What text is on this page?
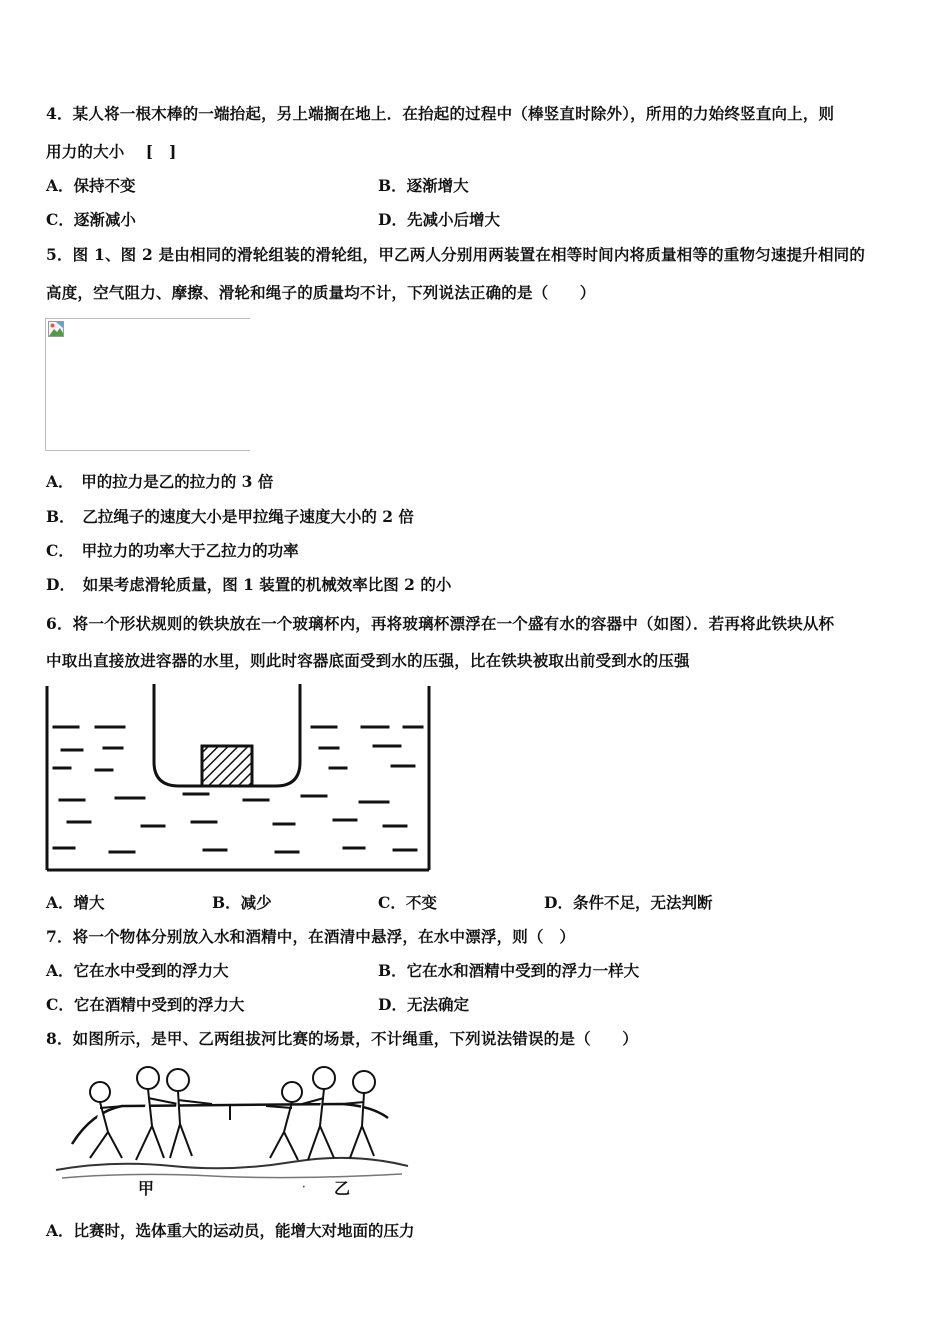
4．某人将一根木棒的一端抬起，另上端搁在地上．在抬起的过程中（棒竖直时除外），所用的力始终竖直向上，则
用力的大小　 [　]
A．保持不变	B．逐渐增大
C．逐渐减小	D．先减小后增大
5．图 1、图 2 是由相同的滑轮组装的滑轮组，甲乙两人分别用两装置在相等时间内将质量相等的重物匀速提升相同的
高度，空气阻力、摩擦、滑轮和绳子的质量均不计，下列说法正确的是（　　）
A．　甲的拉力是乙的拉力的 3 倍
B．　乙拉绳子的速度大小是甲拉绳子速度大小的 2 倍
C．　甲拉力的功率大于乙拉力的功率
D．　如果考虑滑轮质量，图 1 装置的机械效率比图 2 的小
6．将一个形状规则的铁块放在一个玻璃杯内，再将玻璃杯漂浮在一个盛有水的容器中（如图）．若再将此铁块从杯
中取出直接放进容器的水里，则此时容器底面受到水的压强，比在铁块被取出前受到水的压强
A．增大	B．减少	C．不变	D．条件不足，无法判断
7．将一个物体分别放入水和酒精中，在酒清中悬浮，在水中漂浮，则（　）
A．它在水中受到的浮力大	B．它在水和酒精中受到的浮力一样大
C．它在酒精中受到的浮力大	D．无法确定
8．如图所示，是甲、乙两组拔河比赛的场景，不计绳重，下列说法错误的是（　　）
甲	· 乙
A．比赛时，选体重大的运动员，能增大对地面的压力
